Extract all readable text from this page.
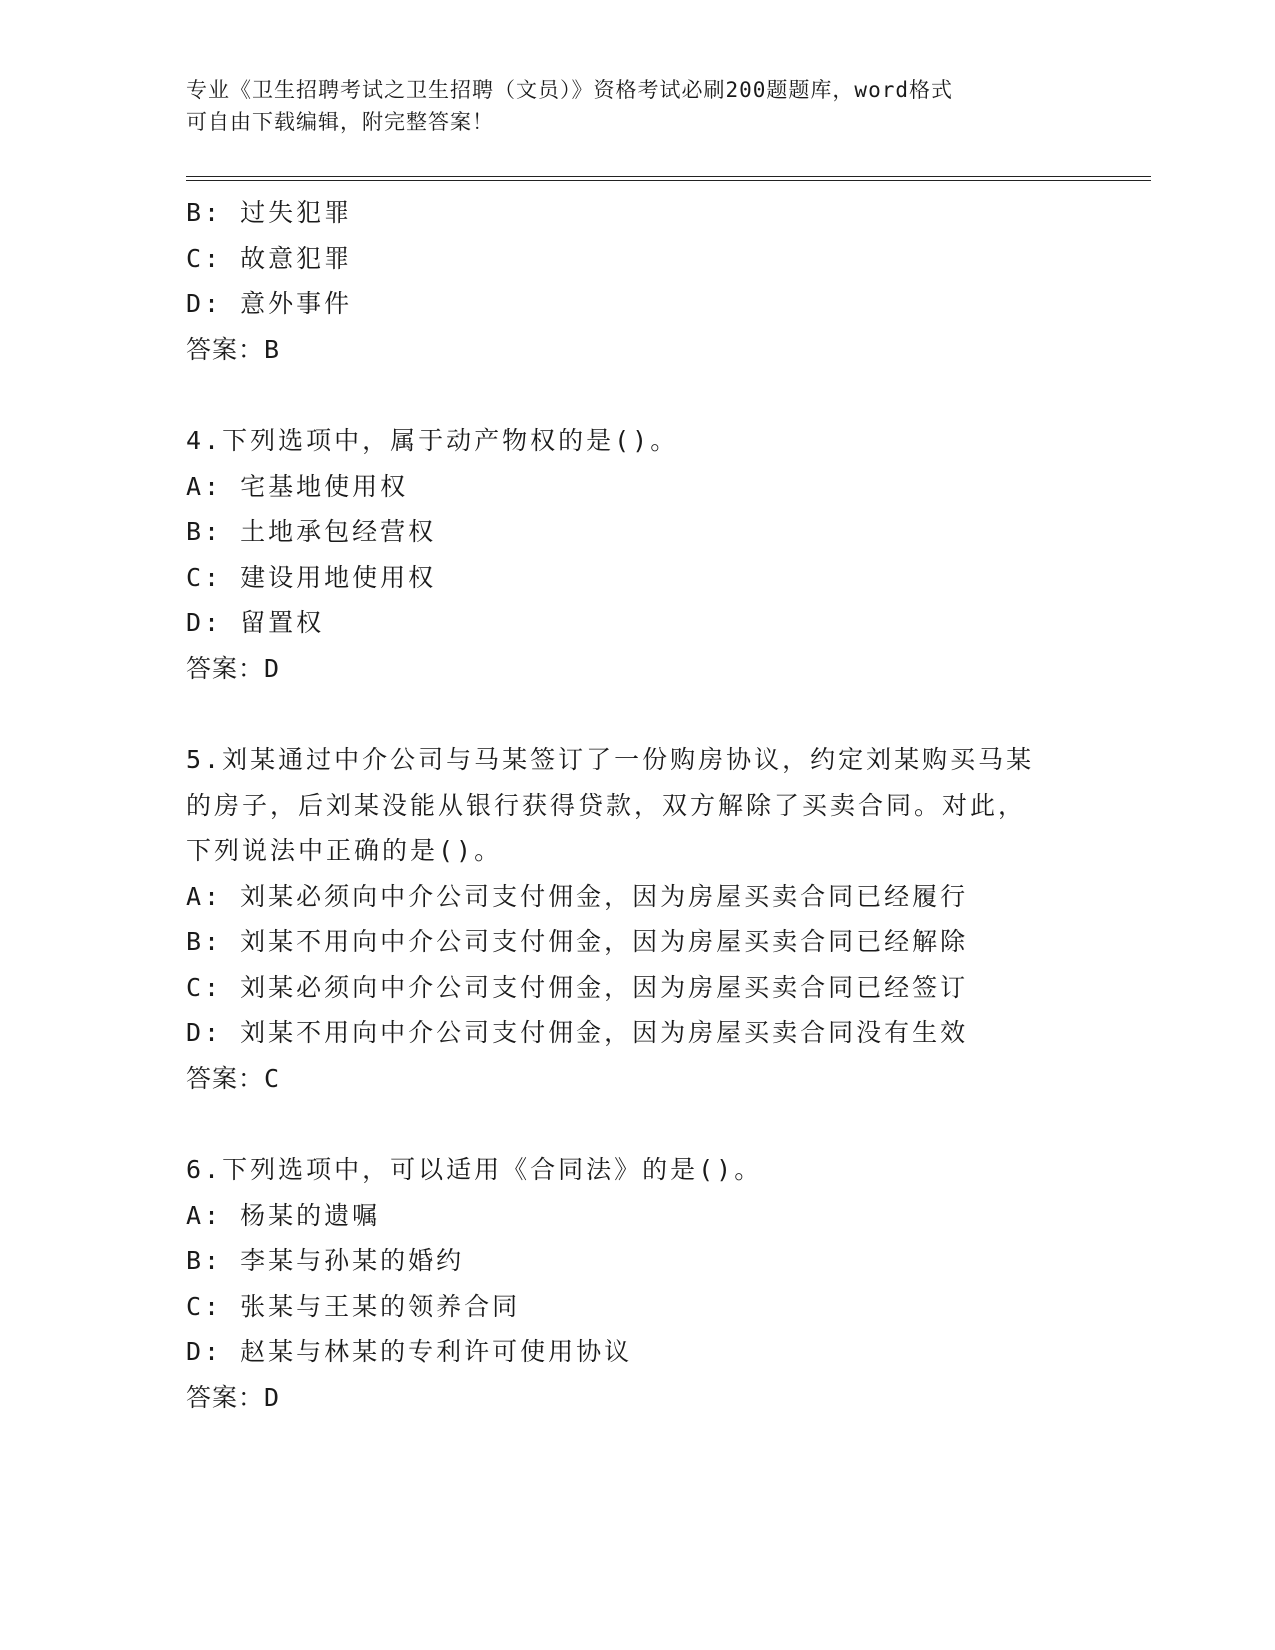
专业《卫生招聘考试之卫生招聘（文员）》资格考试必刷200题题库，word格式
可自由下载编辑，附完整答案！
B: 过失犯罪
C: 故意犯罪
D: 意外事件
答案：B
4.下列选项中，属于动产物权的是()。
A: 宅基地使用权
B: 土地承包经营权
C: 建设用地使用权
D: 留置权
答案：D
5.刘某通过中介公司与马某签订了一份购房协议，约定刘某购买马某
的房子，后刘某没能从银行获得贷款，双方解除了买卖合同。对此，
下列说法中正确的是()。
A: 刘某必须向中介公司支付佣金，因为房屋买卖合同已经履行
B: 刘某不用向中介公司支付佣金，因为房屋买卖合同已经解除
C: 刘某必须向中介公司支付佣金，因为房屋买卖合同已经签订
D: 刘某不用向中介公司支付佣金，因为房屋买卖合同没有生效
答案：C
6.下列选项中，可以适用《合同法》的是()。
A: 杨某的遗嘱
B: 李某与孙某的婚约
C: 张某与王某的领养合同
D: 赵某与林某的专利许可使用协议
答案：D
